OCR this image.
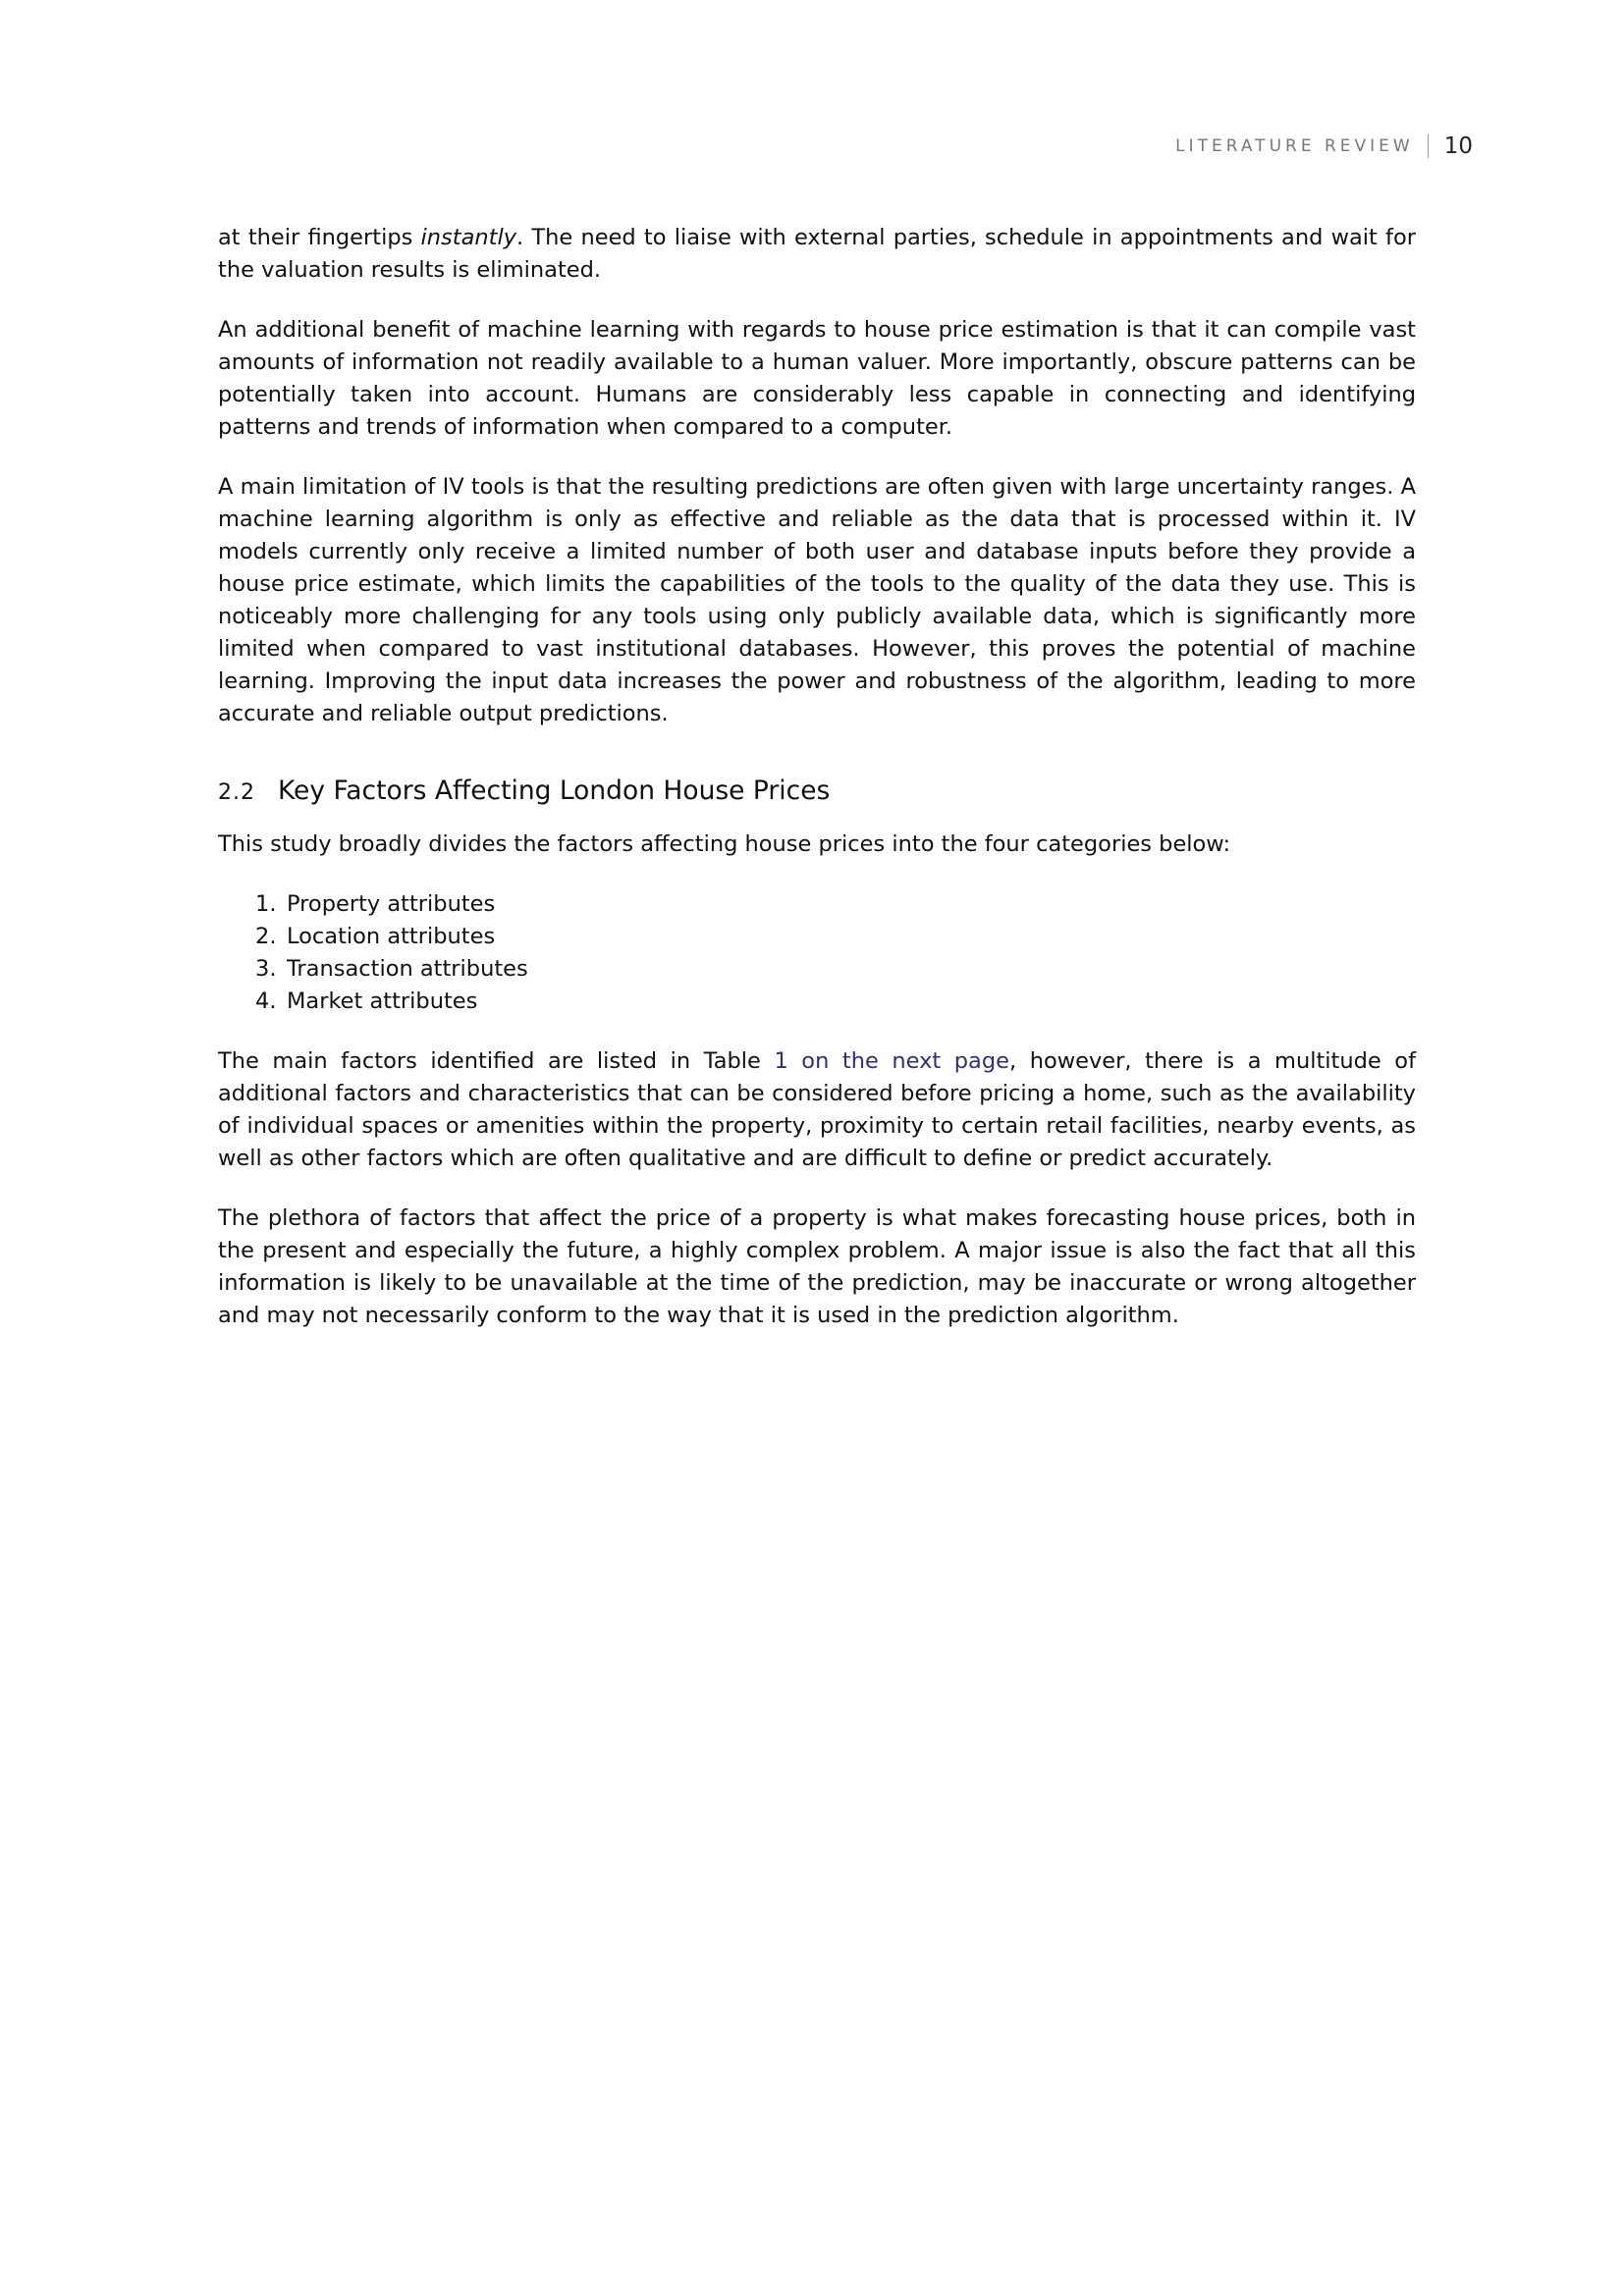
LITERATURE REVIEW 10

at their fingertips instantly. The need to liaise with external parties, schedule in appointments and wait for the valuation results is eliminated.

An additional benefit of machine learning with regards to house price estimation is that it can compile vast amounts of information not readily available to a human valuer. More importantly, obscure patterns can be potentially taken into account. Humans are considerably less capable in connecting and identifying patterns and trends of information when compared to a computer.

A main limitation of IV tools is that the resulting predictions are often given with large uncertainty ranges. A machine learning algorithm is only as effective and reliable as the data that is processed within it. IV models currently only receive a limited number of both user and database inputs before they provide a house price estimate, which limits the capabilities of the tools to the quality of the data they use. This is noticeably more challenging for any tools using only publicly available data, which is significantly more limited when compared to vast institutional databases. However, this proves the potential of machine learning. Improving the input data increases the power and robustness of the algorithm, leading to more accurate and reliable output predictions.

2.2 Key Factors Affecting London House Prices

This study broadly divides the factors affecting house prices into the four categories below:

1. Property attributes
2. Location attributes
3. Transaction attributes
4. Market attributes

The main factors identified are listed in Table 1 on the next page, however, there is a multitude of additional factors and characteristics that can be considered before pricing a home, such as the availability of individual spaces or amenities within the property, proximity to certain retail facilities, nearby events, as well as other factors which are often qualitative and are difficult to define or predict accurately.

The plethora of factors that affect the price of a property is what makes forecasting house prices, both in the present and especially the future, a highly complex problem. A major issue is also the fact that all this information is likely to be unavailable at the time of the prediction, may be inaccurate or wrong altogether and may not necessarily conform to the way that it is used in the prediction algorithm.
